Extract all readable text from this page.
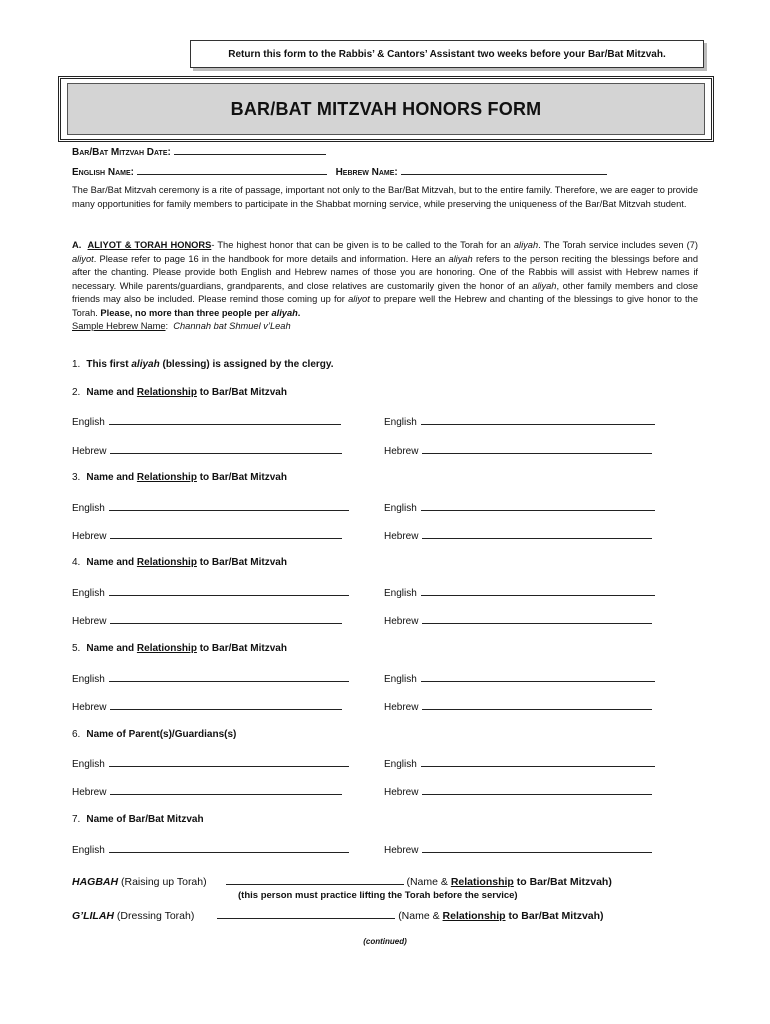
Return this form to the Rabbis’ & Cantors’ Assistant two weeks before your Bar/Bat Mitzvah.
BAR/BAT MITZVAH HONORS FORM
Bar/Bat Mitzvah Date:
English Name:	Hebrew Name:
The Bar/Bat Mitzvah ceremony is a rite of passage, important not only to the Bar/Bat Mitzvah, but to the entire family. Therefore, we are eager to provide many opportunities for family members to participate in the Shabbat morning service, while preserving the uniqueness of the Bar/Bat Mitzvah student.
A. ALIYOT & TORAH HONORS- The highest honor that can be given is to be called to the Torah for an aliyah. The Torah service includes seven (7) aliyot. Please refer to page 16 in the handbook for more details and information. Here an aliyah refers to the person reciting the blessings before and after the chanting. Please provide both English and Hebrew names of those you are honoring. One of the Rabbis will assist with Hebrew names if necessary. While parents/guardians, grandparents, and close relatives are customarily given the honor of an aliyah, other family members and close friends may also be included. Please remind those coming up for aliyot to prepare well the Hebrew and chanting of the blessings to give honor to the Torah. Please, no more than three people per aliyah.
Sample Hebrew Name: Channah bat Shmuel v’Leah
1. This first aliyah (blessing) is assigned by the clergy.
2. Name and Relationship to Bar/Bat Mitzvah
English	English
Hebrew	Hebrew
3. Name and Relationship to Bar/Bat Mitzvah
English	English
Hebrew	Hebrew
4. Name and Relationship to Bar/Bat Mitzvah
English	English
Hebrew	Hebrew
5. Name and Relationship to Bar/Bat Mitzvah
English	English
Hebrew	Hebrew
6. Name of Parent(s)/Guardians(s)
English	English
Hebrew	Hebrew
7. Name of Bar/Bat Mitzvah
English	Hebrew
HAGBAH (Raising up Torah)	(Name & Relationship to Bar/Bat Mitzvah)
(this person must practice lifting the Torah before the service)
G’LILAH (Dressing Torah)	(Name & Relationship to Bar/Bat Mitzvah)
(continued)
